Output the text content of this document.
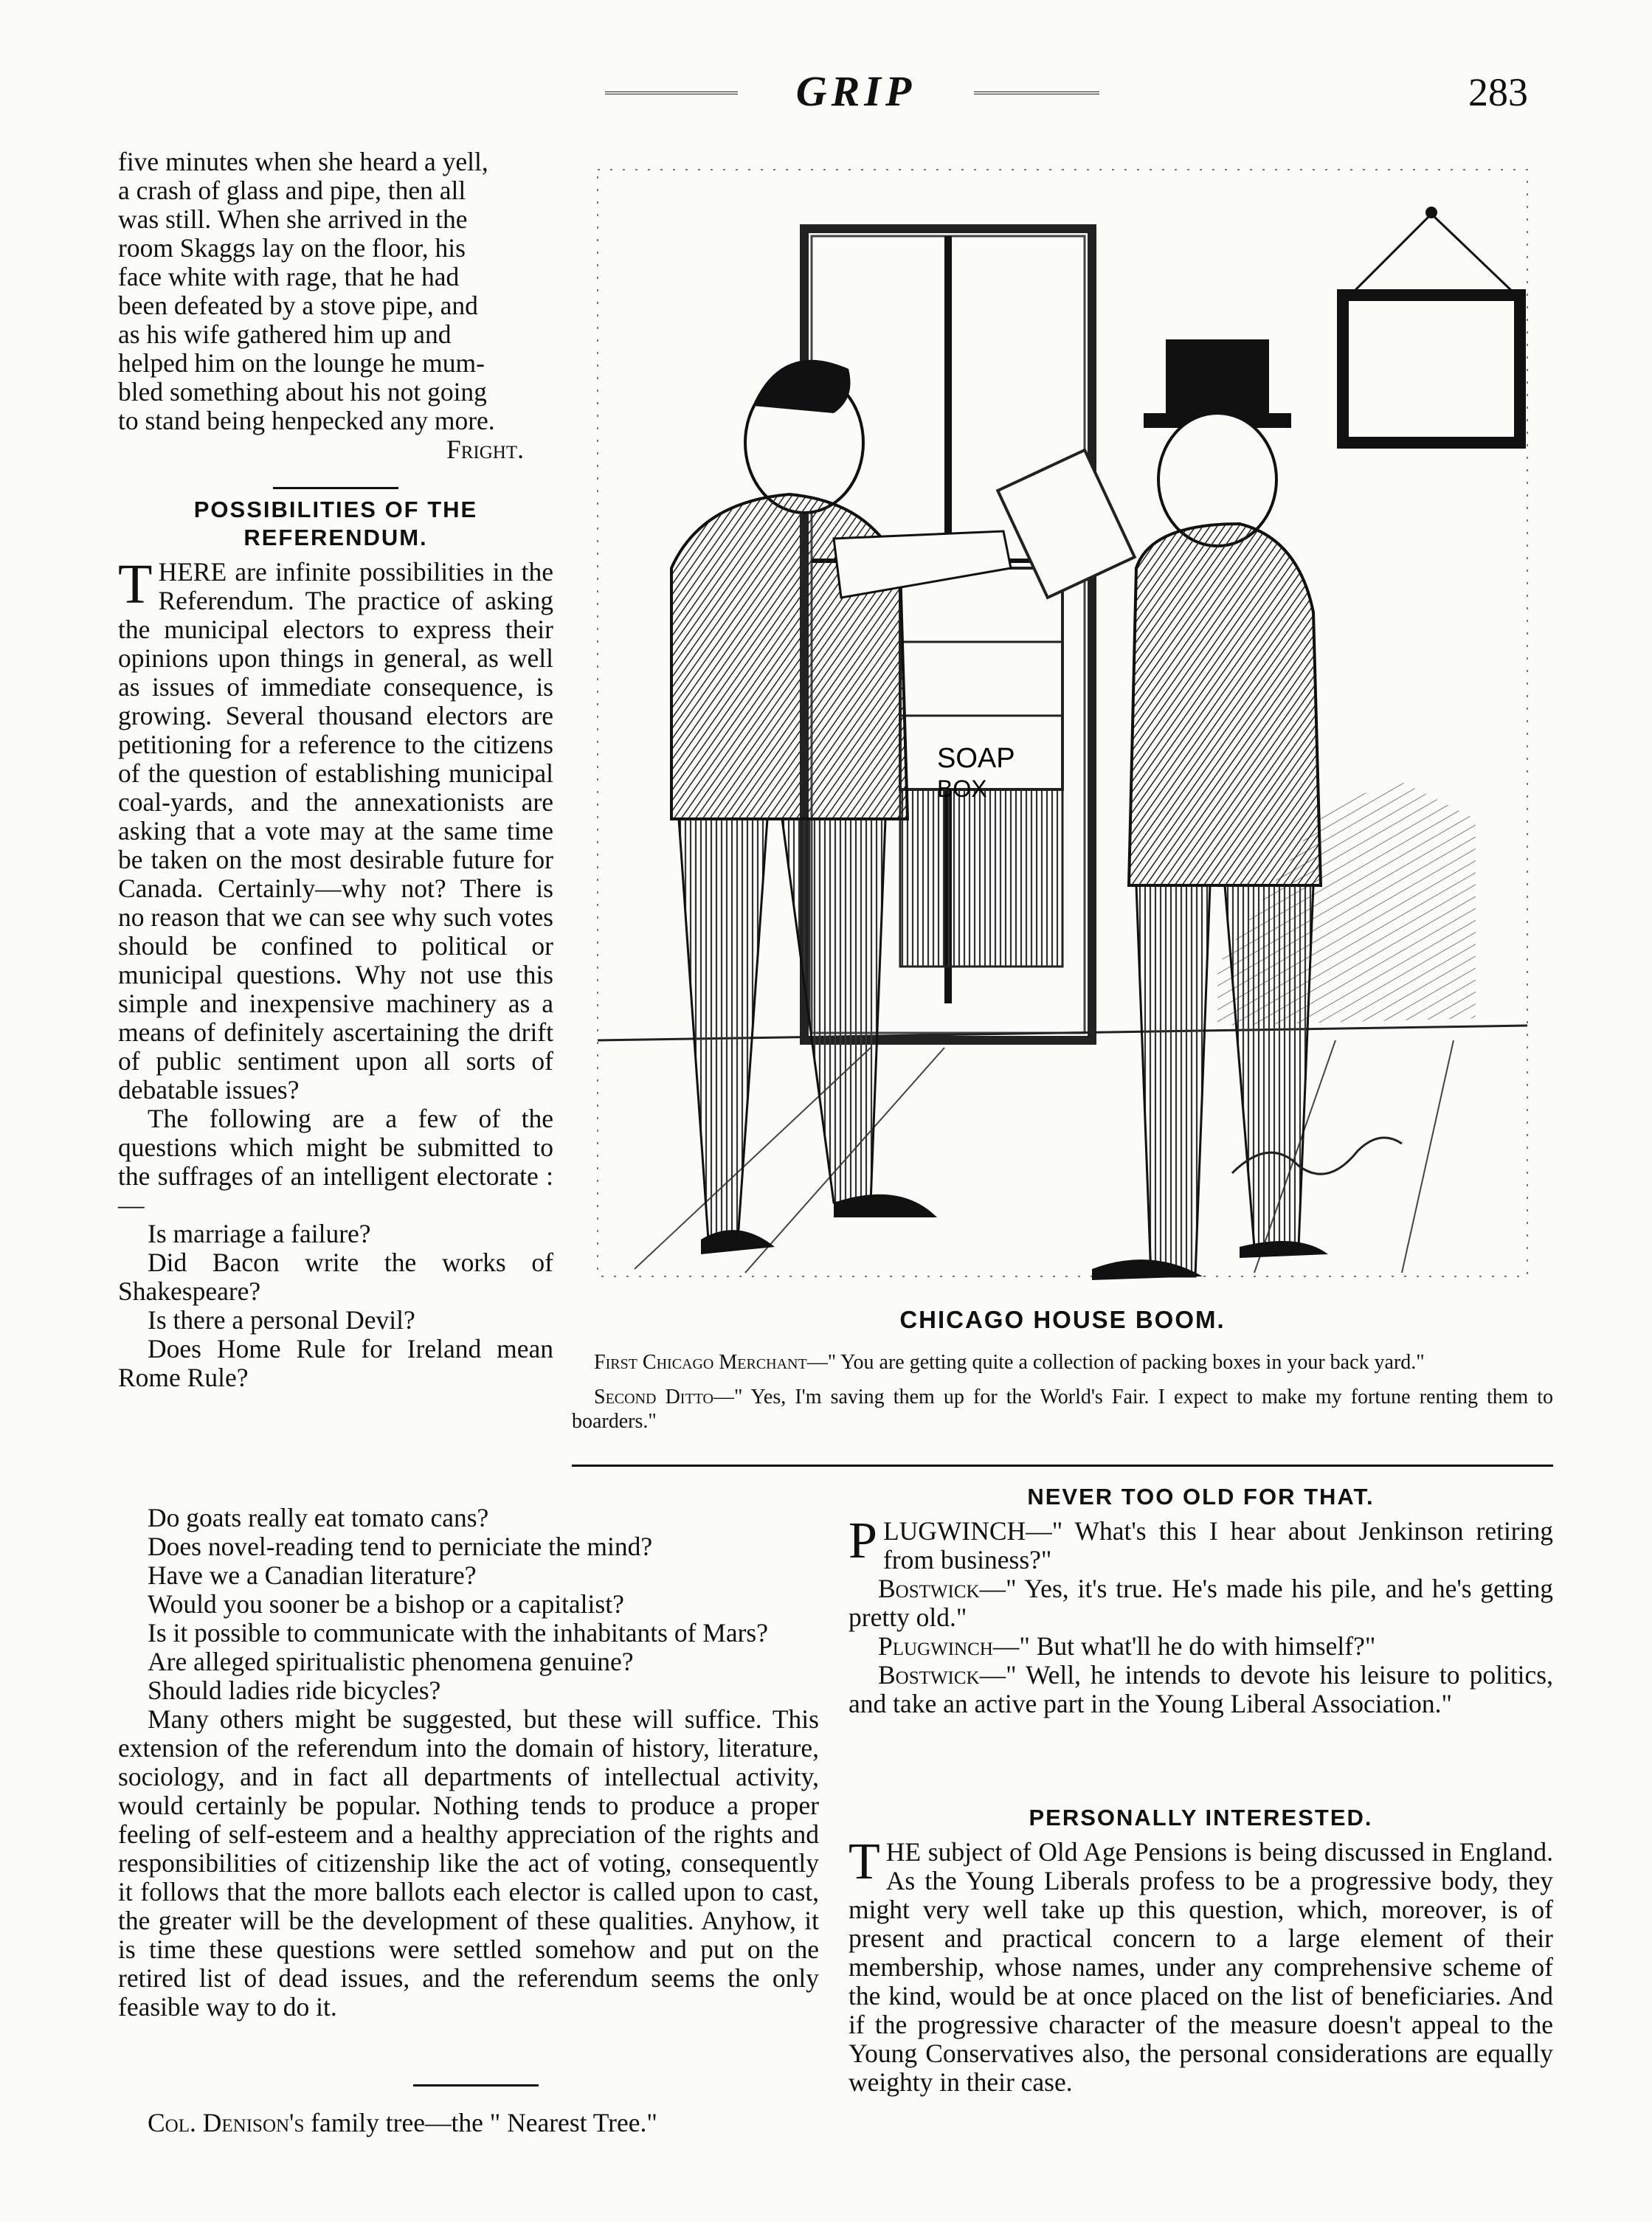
GRIP	283

five minutes when she heard a yell,

a crash of glass and pipe, then all

was still. When she arrived in the

room Skaggs lay on the floor, his

face white with rage, that he had

been defeated by a stove pipe, and

as his wife gathered him up and

helped him on the lounge he mum-

bled something about his not going

to stand being henpecked any more.

Fright.

POSSIBILITIES OF THE
REFERENDUM.

THERE are infinite possibilities in the Referendum. The practice of asking the municipal electors to express their opinions upon things in general, as well as issues of immediate consequence, is growing. Several thousand electors are petitioning for a reference to the citizens of the question of establishing municipal coal-yards, and the annexationists are asking that a vote may at the same time be taken on the most desirable future for Canada. Certainly—why not? There is no reason that we can see why such votes should be confined to political or municipal questions. Why not use this simple and inexpensive machinery as a means of definitely ascertaining the drift of public sentiment upon all sorts of debatable issues?

The following are a few of the questions which might be submitted to the suffrages of an intelligent electorate :—

Is marriage a failure?

Did Bacon write the works of Shakespeare?

Is there a personal Devil?

Does Home Rule for Ireland mean Rome Rule?

Do goats really eat tomato cans?

Does novel-reading tend to perniciate the mind?

Have we a Canadian literature?

Would you sooner be a bishop or a capitalist?

Is it possible to communicate with the inhabitants of Mars?

Are alleged spiritualistic phenomena genuine?

Should ladies ride bicycles?

Many others might be suggested, but these will suffice. This extension of the referendum into the domain of history, literature, sociology, and in fact all departments of intellectual activity, would certainly be popular. Nothing tends to produce a proper feeling of self-esteem and a healthy appreciation of the rights and responsibilities of citizenship like the act of voting, consequently it follows that the more ballots each elector is called upon to cast, the greater will be the development of these qualities. Anyhow, it is time these questions were settled somehow and put on the retired list of dead issues, and the referendum seems the only feasible way to do it.

Col. Denison's family tree—the " Nearest Tree."

SOAP
BOX
CHICAGO HOUSE BOOM.

First Chicago Merchant—" You are getting quite a collection of packing boxes in your back yard."

Second Ditto—" Yes, I'm saving them up for the World's Fair. I expect to make my fortune renting them to boarders."

NEVER TOO OLD FOR THAT.

PLUGWINCH—" What's this I hear about Jenkinson retiring from business?"

Bostwick—" Yes, it's true. He's made his pile, and he's getting pretty old."

Plugwinch—" But what'll he do with himself?"

Bostwick—" Well, he intends to devote his leisure to politics, and take an active part in the Young Liberal Association."

PERSONALLY INTERESTED.

THE subject of Old Age Pensions is being discussed in England. As the Young Liberals profess to be a progressive body, they might very well take up this question, which, moreover, is of present and practical concern to a large element of their membership, whose names, under any comprehensive scheme of the kind, would be at once placed on the list of beneficiaries. And if the progressive character of the measure doesn't appeal to the Young Conservatives also, the personal considerations are equally weighty in their case.
